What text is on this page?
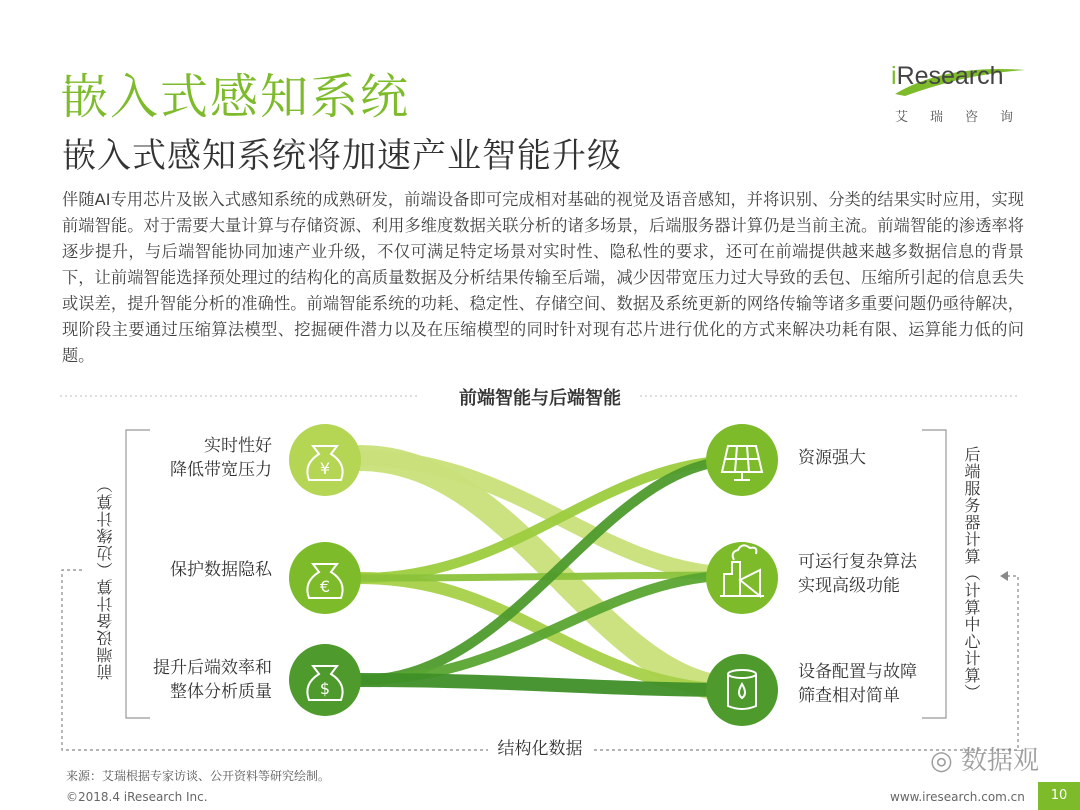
嵌入式感知系统
嵌入式感知系统将加速产业智能升级
iResearch
艾瑞咨询
伴随AI专用芯片及嵌入式感知系统的成熟研发，前端设备即可完成相对基础的视觉及语音感知，并将识别、分类的结果实时应用，实现前端智能。对于需要大量计算与存储资源、利用多维度数据关联分析的诸多场景，后端服务器计算仍是当前主流。前端智能的渗透率将逐步提升，与后端智能协同加速产业升级，不仅可满足特定场景对实时性、隐私性的要求，还可在前端提供越来越多数据信息的背景下，让前端智能选择预处理过的结构化的高质量数据及分析结果传输至后端，减少因带宽压力过大导致的丢包、压缩所引起的信息丢失或误差，提升智能分析的准确性。前端智能系统的功耗、稳定性、存储空间、数据及系统更新的网络传输等诸多重要问题仍亟待解决，现阶段主要通过压缩算法模型、挖掘硬件潜力以及在压缩模型的同时针对现有芯片进行优化的方式来解决功耗有限、运算能力低的问题。
¥
€
$
前端智能与后端智能
实时性好
降低带宽压力
保护数据隐私
提升后端效率和
整体分析质量
资源强大
可运行复杂算法
实现高级功能
设备配置与故障
筛查相对简单
前端设备计算（边缘计算）	后端服务器计算（计算中心计算）
结构化数据
来源：艾瑞根据专家访谈、公开资料等研究绘制。	◎ 数据观
©2018.4 iResearch Inc.	www.iresearch.com.cn	10
